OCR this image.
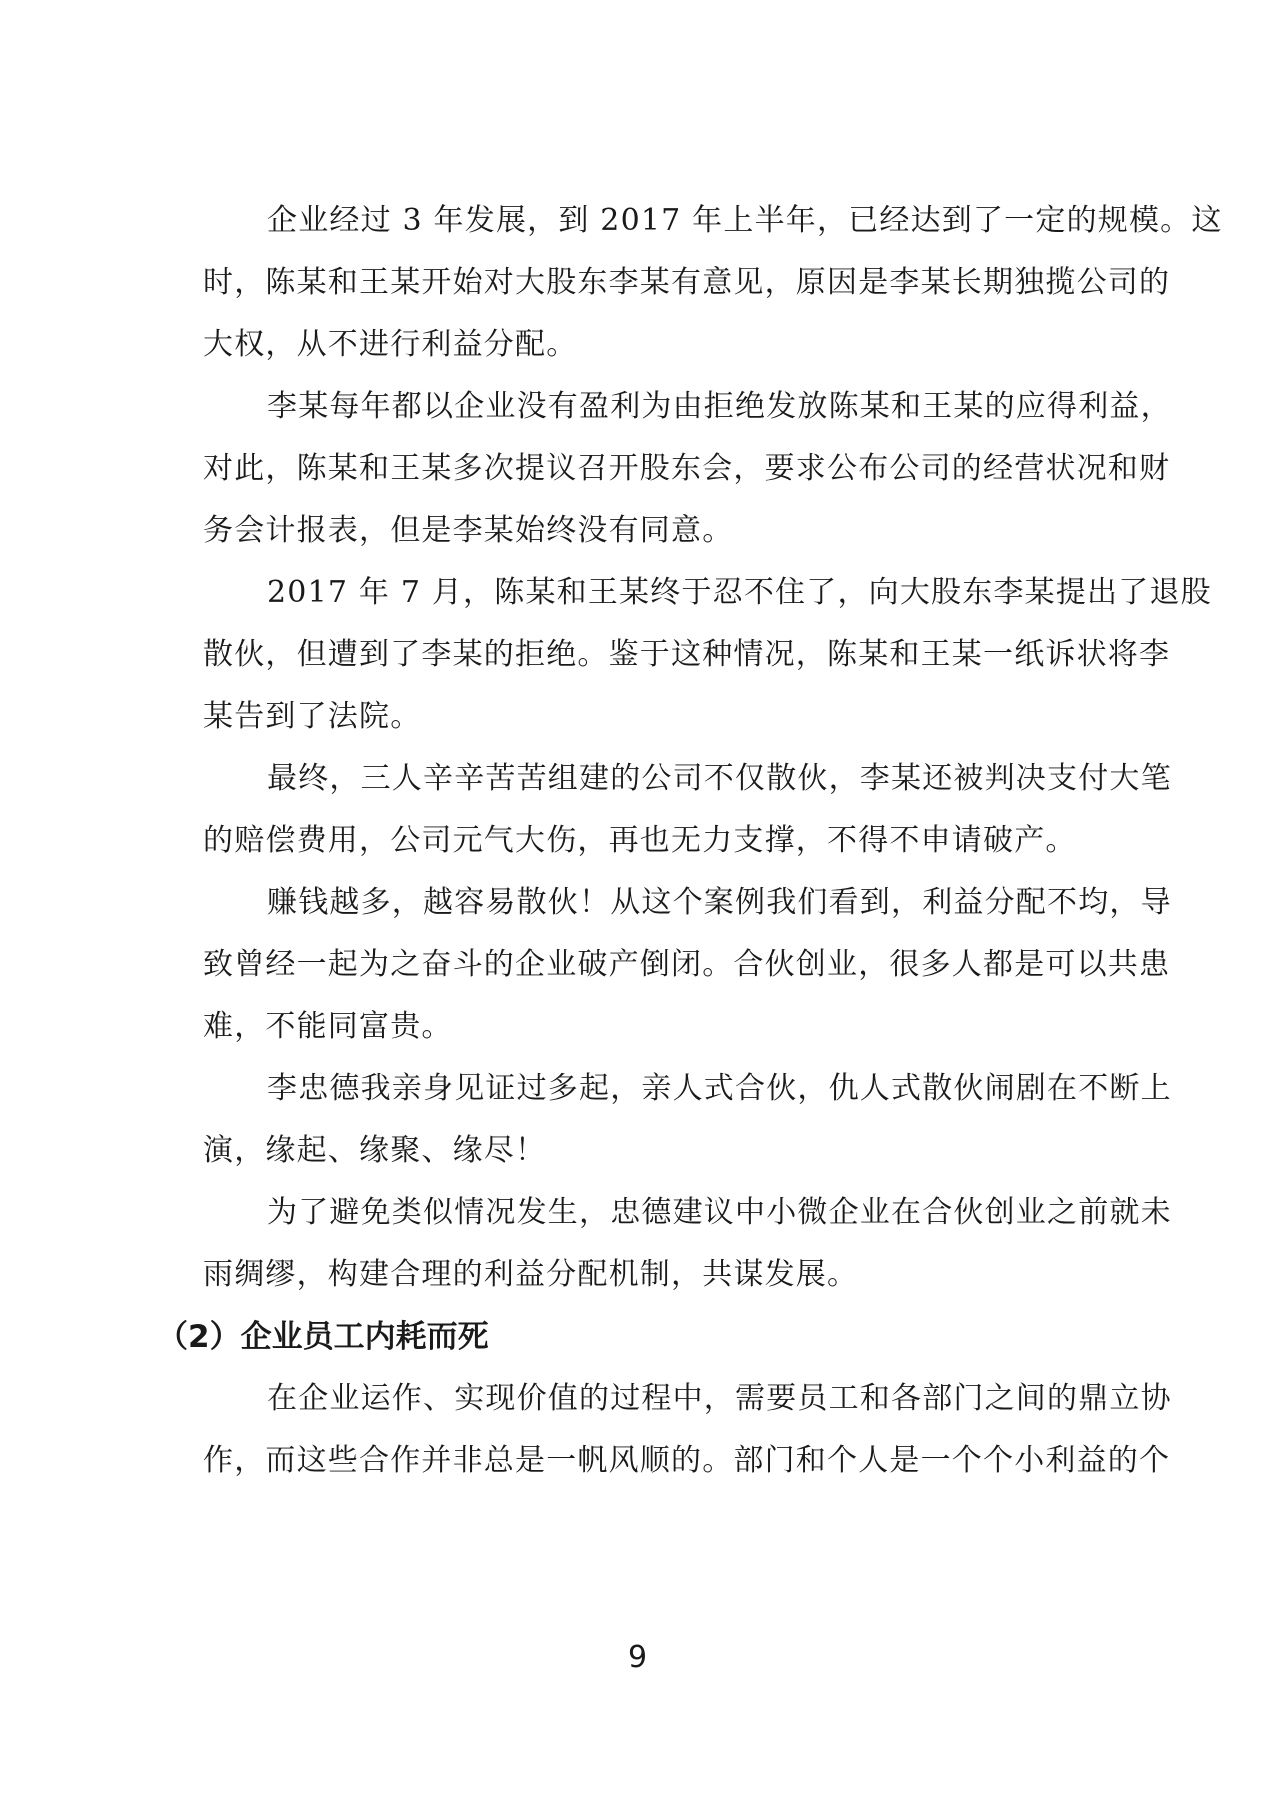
企业经过 3 年发展，到 2017 年上半年，已经达到了一定的规模。这
时，陈某和王某开始对大股东李某有意见，原因是李某长期独揽公司的
大权，从不进行利益分配。
李某每年都以企业没有盈利为由拒绝发放陈某和王某的应得利益，
对此，陈某和王某多次提议召开股东会，要求公布公司的经营状况和财
务会计报表，但是李某始终没有同意。
2017 年 7 月，陈某和王某终于忍不住了，向大股东李某提出了退股
散伙，但遭到了李某的拒绝。鉴于这种情况，陈某和王某一纸诉状将李
某告到了法院。
最终，三人辛辛苦苦组建的公司不仅散伙，李某还被判决支付大笔
的赔偿费用，公司元气大伤，再也无力支撑，不得不申请破产。
赚钱越多，越容易散伙！从这个案例我们看到，利益分配不均，导
致曾经一起为之奋斗的企业破产倒闭。合伙创业，很多人都是可以共患
难，不能同富贵。
李忠德我亲身见证过多起，亲人式合伙，仇人式散伙闹剧在不断上
演，缘起、缘聚、缘尽！
为了避免类似情况发生，忠德建议中小微企业在合伙创业之前就未
雨绸缪，构建合理的利益分配机制，共谋发展。
（2）企业员工内耗而死
在企业运作、实现价值的过程中，需要员工和各部门之间的鼎立协
作，而这些合作并非总是一帆风顺的。部门和个人是一个个小利益的个
9
